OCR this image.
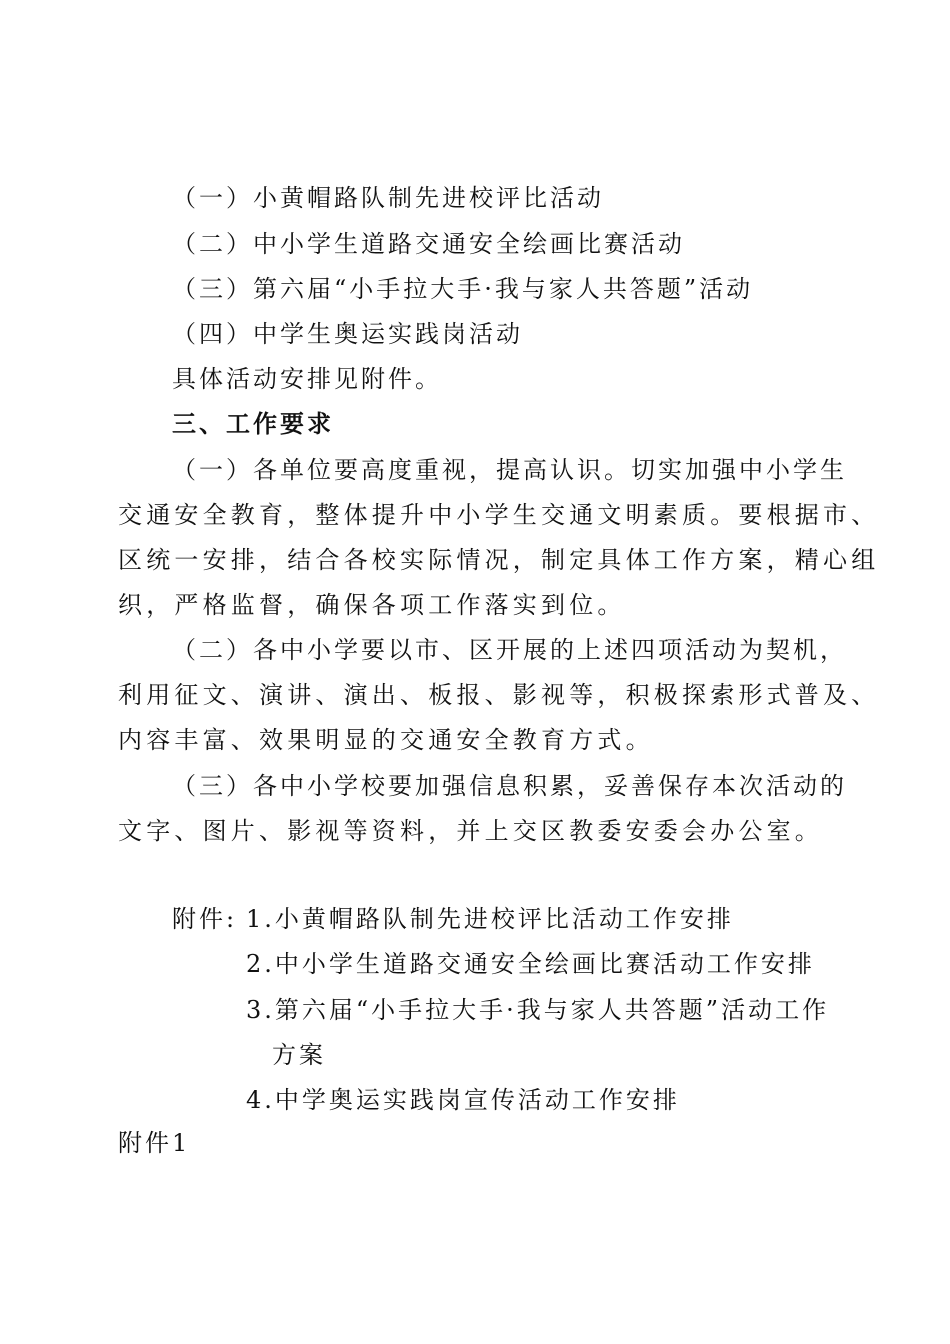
（一）小黄帽路队制先进校评比活动
（二）中小学生道路交通安全绘画比赛活动
（三）第六届“小手拉大手·我与家人共答题”活动
（四）中学生奥运实践岗活动
具体活动安排见附件。
三、工作要求
（一）各单位要高度重视，提高认识。切实加强中小学生
交通安全教育，整体提升中小学生交通文明素质。要根据市、
区统一安排，结合各校实际情况，制定具体工作方案，精心组
织，严格监督，确保各项工作落实到位。
（二）各中小学要以市、区开展的上述四项活动为契机，
利用征文、演讲、演出、板报、影视等，积极探索形式普及、
内容丰富、效果明显的交通安全教育方式。
（三）各中小学校要加强信息积累，妥善保存本次活动的
文字、图片、影视等资料，并上交区教委安委会办公室。
附件: 1.小黄帽路队制先进校评比活动工作安排
2.中小学生道路交通安全绘画比赛活动工作安排
3.第六届“小手拉大手·我与家人共答题”活动工作
方案
4.中学奥运实践岗宣传活动工作安排
附件1
